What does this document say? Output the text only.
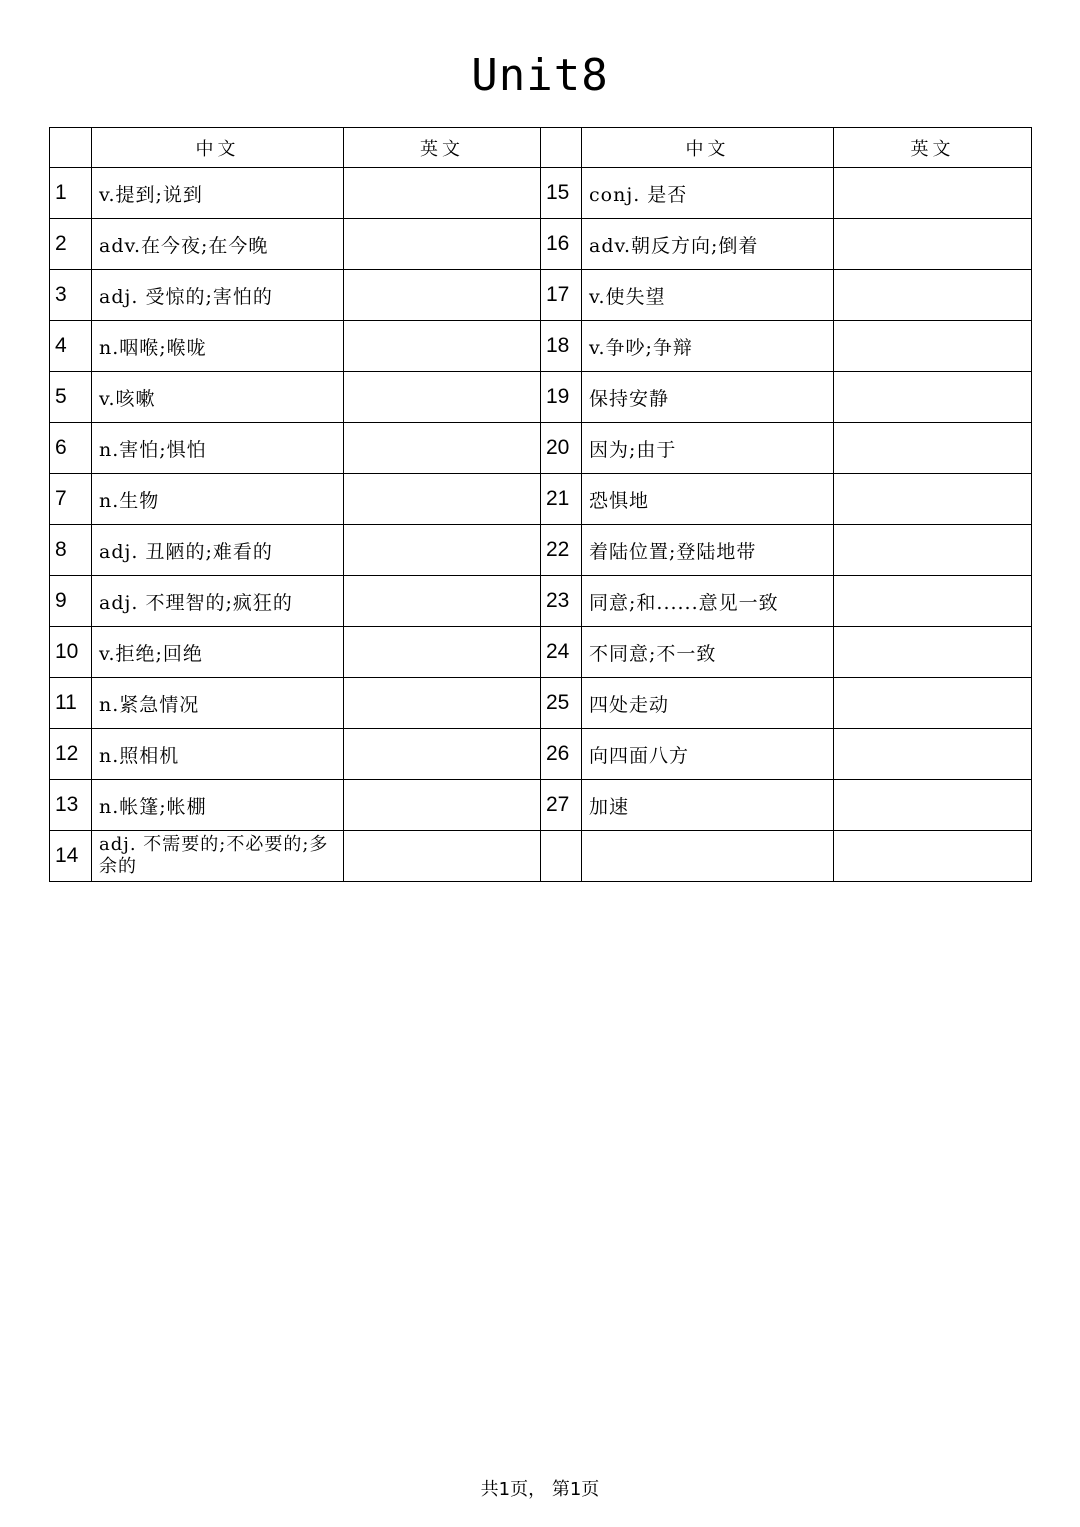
Unit8
	中文	英文		中文	英文
1	v.提到;说到		15	conj. 是否	
2	adv.在今夜;在今晚		16	adv.朝反方向;倒着	
3	adj. 受惊的;害怕的		17	v.使失望	
4	n.咽喉;喉咙		18	v.争吵;争辩	
5	v.咳嗽		19	保持安静	
6	n.害怕;惧怕		20	因为;由于	
7	n.生物		21	恐惧地	
8	adj. 丑陋的;难看的		22	着陆位置;登陆地带	
9	adj. 不理智的;疯狂的		23	同意;和......意见一致	
10	v.拒绝;回绝		24	不同意;不一致	
11	n.紧急情况		25	四处走动	
12	n.照相机		26	向四面八方	
13	n.帐篷;帐棚		27	加速	
14	adj. 不需要的;不必要的;多余的				
共1页， 第1页
